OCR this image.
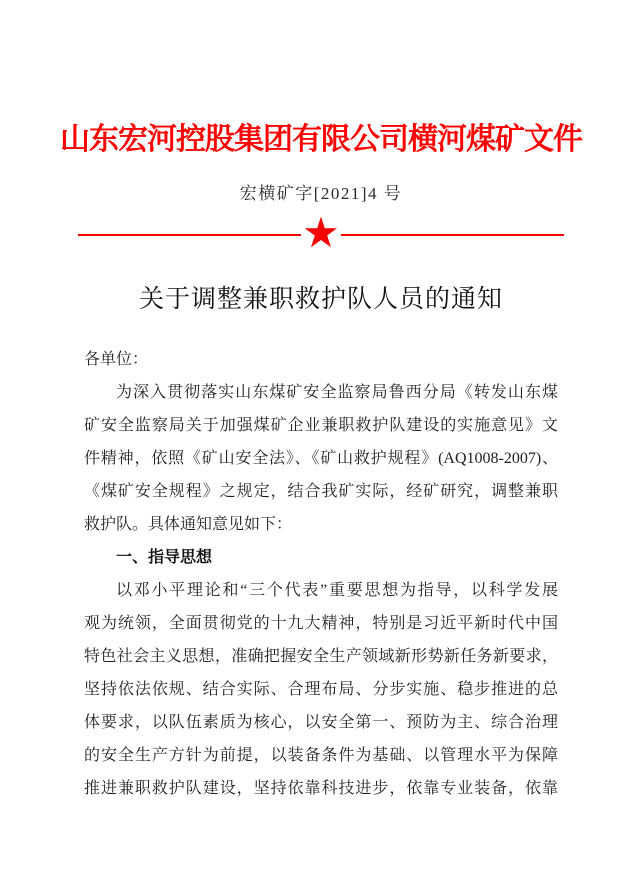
山东宏河控股集团有限公司横河煤矿文件
宏横矿字[2021]4 号
★
关于调整兼职救护队人员的通知
各单位：
为深入贯彻落实山东煤矿安全监察局鲁西分局《转发山东煤
矿安全监察局关于加强煤矿企业兼职救护队建设的实施意见》文
件精神，依照《矿山安全法》、《矿山救护规程》(AQ1008-2007)、
《煤矿安全规程》之规定，结合我矿实际，经矿研究，调整兼职
救护队。具体通知意见如下：
一、指导思想
以邓小平理论和“三个代表”重要思想为指导，以科学发展
观为统领，全面贯彻党的十九大精神，特别是习近平新时代中国
特色社会主义思想，准确把握安全生产领域新形势新任务新要求，
坚持依法依规、结合实际、合理布局、分步实施、稳步推进的总
体要求，以队伍素质为核心，以安全第一、预防为主、综合治理
的安全生产方针为前提，以装备条件为基础、以管理水平为保障
推进兼职救护队建设，坚持依靠科技进步，依靠专业装备，依靠
